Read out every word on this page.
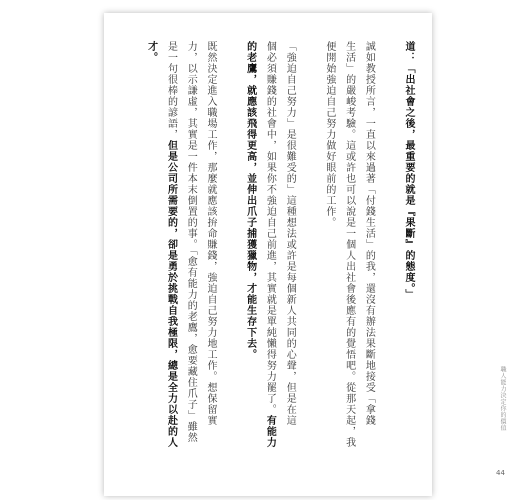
道：「出社會之後，最重要的就是『果斷』的態度。」
誠如教授所言，一直以來過著「付錢生活」的我，還沒有辦法果斷地接受「拿錢
生活」的嚴峻考驗。這或許也可以說是一個人出社會後應有的覺悟吧。從那天起，我
便開始強迫自己努力做好眼前的工作。
「強迫自己努力」是很難受的」這種想法或許是每個新人共同的心聲，但是在這
個必須賺錢的社會中，如果你不強迫自己前進，其實就是單純懶得努力罷了。有能力
的老鷹，就應該飛得更高，並伸出爪子捕獲獵物，才能生存下去。
既然決定進入職場工作，那麼就應該拚命賺錢，強迫自己努力地工作。想保留實
力，以示謙虛，其實是一件本末倒置的事。「愈有能力的老鷹，愈要藏住爪子」雖然
是一句很棒的諺語，但是公司所需要的，卻是勇於挑戰自我極限，總是全力以赴的人
才。
職人能力決定你的價值
44
